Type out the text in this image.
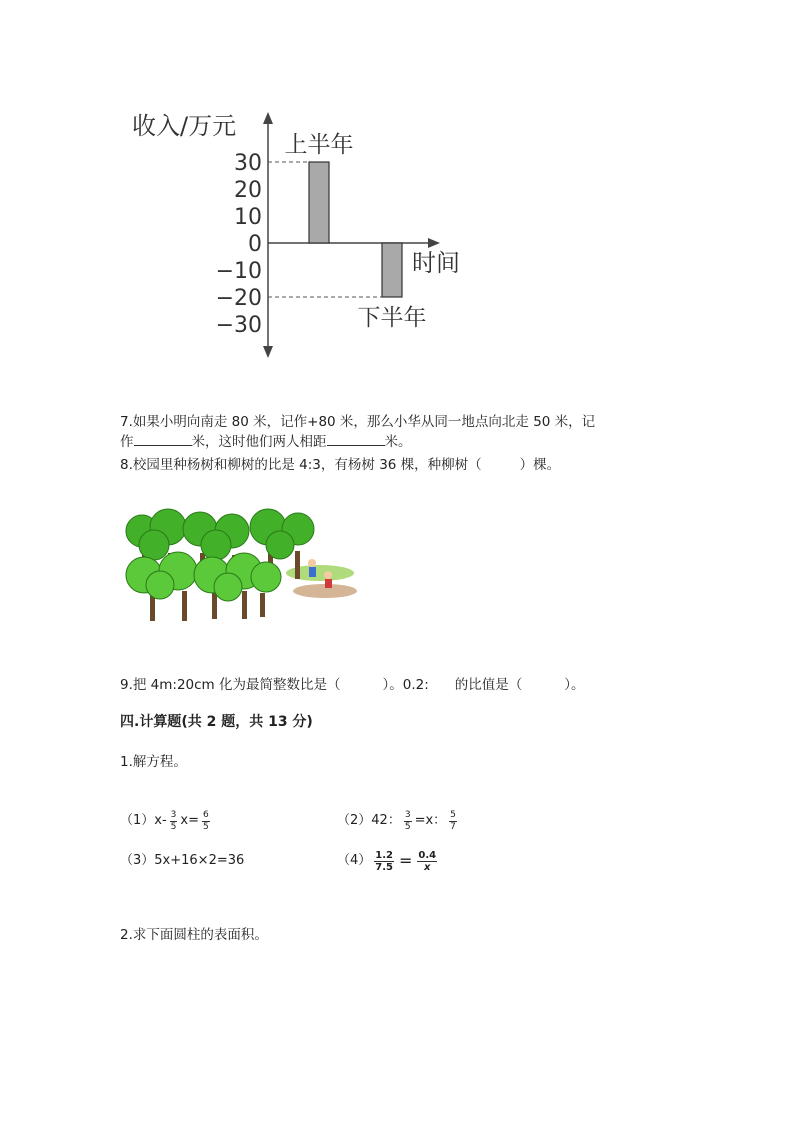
收入/万元
时间
30
20
10
0
−10
−20
−30
上半年
下半年
7.如果小明向南走 80 米，记作+80 米，那么小华从同一地点向北走 50 米，记
作	米，这时他们两人相距	米。
8.校园里种杨树和柳树的比是 4:3，有杨树 36 棵，种柳树（	）棵。
9.把 4m:20cm 化为最简整数比是（	）。0.2: 的比值是（	）。
四.计算题(共 2 题，共 13 分)
1.解方程。
（1） $x- \frac{3}{5} x= \frac{6}{5}$	（2） 42： $\frac{3}{5} =x$： $\frac{5}{7}$
（3） 5x+16×2=36	$(4) \frac{1.2}{7.5} = \frac{0.4}{x}$
2.求下面圆柱的表面积。
